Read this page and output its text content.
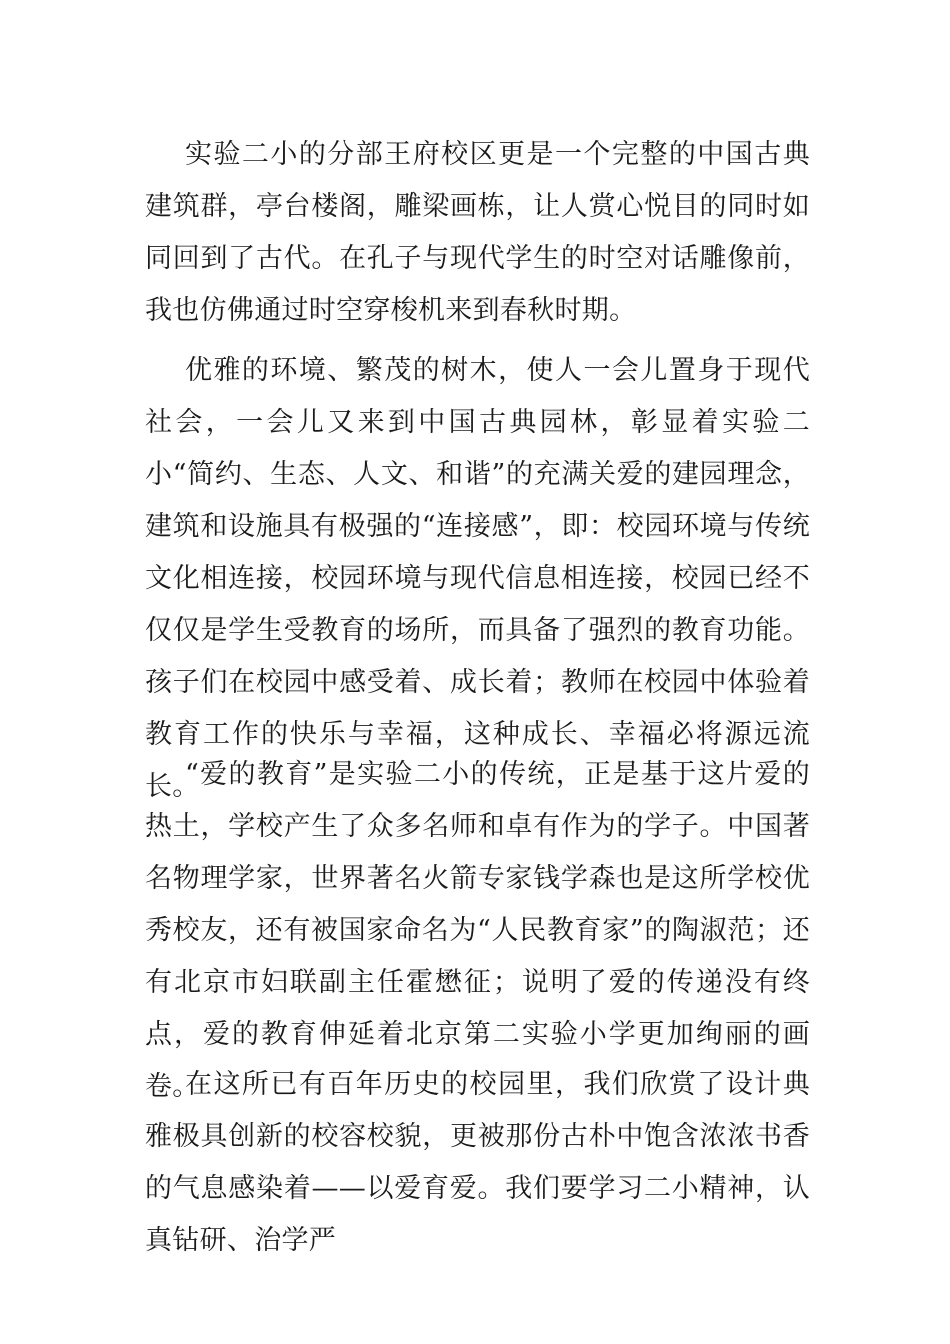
实验二小的分部王府校区更是一个完整的中国古典建筑群，亭台楼阁，雕梁画栋，让人赏心悦目的同时如同回到了古代。在孔子与现代学生的时空对话雕像前，我也仿佛通过时空穿梭机来到春秋时期。

优雅的环境、繁茂的树木，使人一会儿置身于现代社会，一会儿又来到中国古典园林，彰显着实验二小“简约、生态、人文、和谐”的充满关爱的建园理念，建筑和设施具有极强的“连接感”，即：校园环境与传统文化相连接，校园环境与现代信息相连接，校园已经不仅仅是学生受教育的场所，而具备了强烈的教育功能。孩子们在校园中感受着、成长着；教师在校园中体验着教育工作的快乐与幸福，这种成长、幸福必将源远流长。

“爱的教育”是实验二小的传统，正是基于这片爱的热土，学校产生了众多名师和卓有作为的学子。中国著名物理学家，世界著名火箭专家钱学森也是这所学校优秀校友，还有被国家命名为“人民教育家”的陶淑范；还有北京市妇联副主任霍懋征；说明了爱的传递没有终点，爱的教育伸延着北京第二实验小学更加绚丽的画卷。

在这所已有百年历史的校园里，我们欣赏了设计典雅极具创新的校容校貌，更被那份古朴中饱含浓浓书香的气息感染着——以爱育爱。我们要学习二小精神，认真钻研、治学严
